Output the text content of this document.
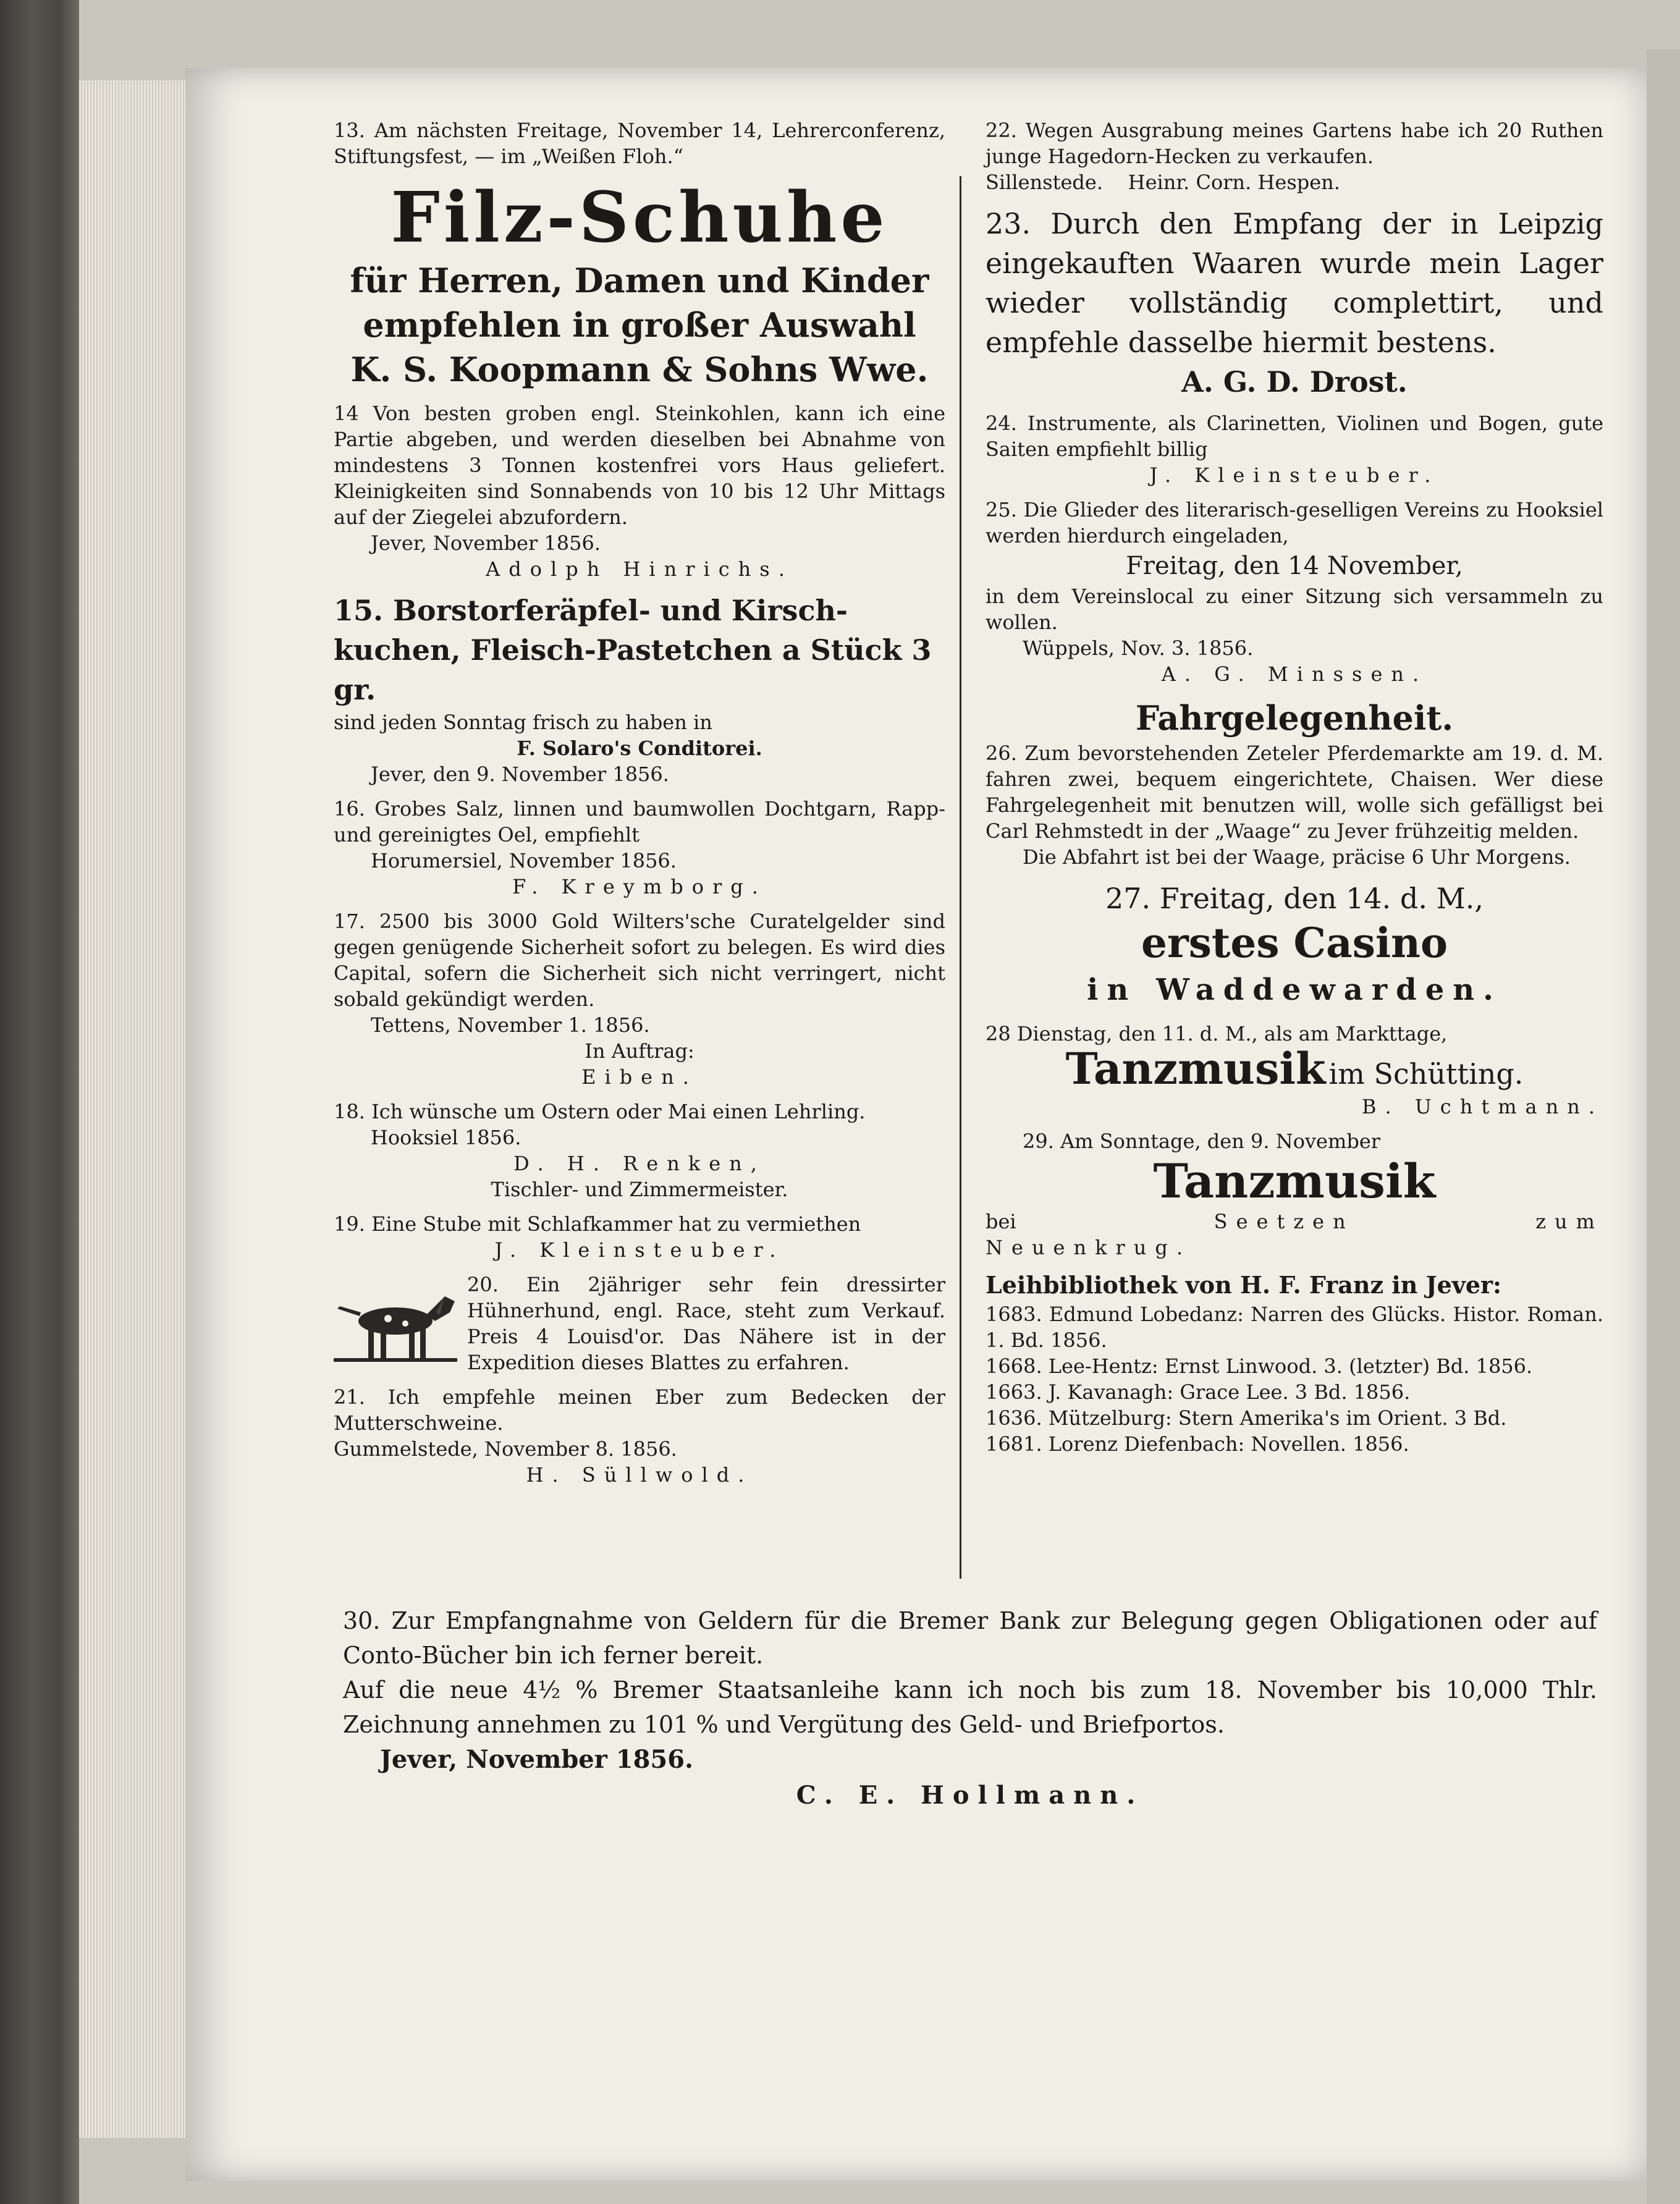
13. Am nächsten Freitage, November 14, Lehrerconferenz, Stiftungsfest, — im „Weißen Floh.“

Filz-Schuhe

für Herren, Damen und Kinder

empfehlen in großer Auswahl

K. S. Koopmann & Sohns Wwe.

14 Von besten groben engl. Steinkohlen, kann ich eine Partie abgeben, und werden dieselben bei Abnahme von mindestens 3 Tonnen kostenfrei vors Haus geliefert. Kleinigkeiten sind Sonnabends von 10 bis 12 Uhr Mittags auf der Ziegelei abzufordern.

Jever, November 1856.

Adolph Hinrichs.

15. Borstorferäpfel- und Kirsch-

kuchen, Fleisch-Pastetchen a Stück 3 gr.

sind jeden Sonntag frisch zu haben in

F. Solaro's Conditorei.

Jever, den 9. November 1856.

16. Grobes Salz, linnen und baumwollen Dochtgarn, Rapp- und gereinigtes Oel, empfiehlt

Horumersiel, November 1856.

F. Kreymborg.

17. 2500 bis 3000 Gold Wilters'sche Curatelgelder sind gegen genügende Sicherheit sofort zu belegen. Es wird dies Capital, sofern die Sicherheit sich nicht verringert, nicht sobald gekündigt werden.

Tettens, November 1. 1856.

In Auftrag:

Eiben.

18. Ich wünsche um Ostern oder Mai einen Lehrling.

Hooksiel 1856.

D. H. Renken,

Tischler- und Zimmermeister.

19. Eine Stube mit Schlafkammer hat zu vermiethen

J. Kleinsteuber.

20. Ein 2jähriger sehr fein dressirter Hühnerhund, engl. Race, steht zum Verkauf. Preis 4 Louisd'or. Das Nähere ist in der Expedition dieses Blattes zu erfahren.

21. Ich empfehle meinen Eber zum Bedecken der Mutterschweine.

Gummelstede, November 8. 1856.

H. Süllwold.

22. Wegen Ausgrabung meines Gartens habe ich 20 Ruthen junge Hagedorn-Hecken zu verkaufen.

Sillenstede. Heinr. Corn. Hespen.

23. Durch den Empfang der in Leipzig eingekauften Waaren wurde mein Lager wieder vollständig complettirt, und empfehle dasselbe hiermit bestens.

A. G. D. Drost.

24. Instrumente, als Clarinetten, Violinen und Bogen, gute Saiten empfiehlt billig

J. Kleinsteuber.

25. Die Glieder des literarisch-geselligen Vereins zu Hooksiel werden hierdurch eingeladen,

Freitag, den 14 November,

in dem Vereinslocal zu einer Sitzung sich versammeln zu wollen.

Wüppels, Nov. 3. 1856.

A. G. Minssen.

Fahrgelegenheit.

26. Zum bevorstehenden Zeteler Pferdemarkte am 19. d. M. fahren zwei, bequem eingerichtete, Chaisen. Wer diese Fahrgelegenheit mit benutzen will, wolle sich gefälligst bei Carl Rehmstedt in der „Waage“ zu Jever frühzeitig melden.

Die Abfahrt ist bei der Waage, präcise 6 Uhr Morgens.

27. Freitag, den 14. d. M.,

erstes Casino

in Waddewarden.

28 Dienstag, den 11. d. M., als am Markttage,

Tanzmusik im Schütting.

B. Uchtmann.

29. Am Sonntage, den 9. November

Tanzmusik

bei	Seetzen zum Neuenkrug.

Leihbibliothek von H. F. Franz in Jever:

1683. Edmund Lobedanz: Narren des Glücks. Histor. Roman. 1. Bd. 1856.

1668. Lee-Hentz: Ernst Linwood. 3. (letzter) Bd. 1856.

1663. J. Kavanagh: Grace Lee. 3 Bd. 1856.

1636. Mützelburg: Stern Amerika's im Orient. 3 Bd.

1681. Lorenz Diefenbach: Novellen. 1856.

30. Zur Empfangnahme von Geldern für die Bremer Bank zur Belegung gegen Obligationen oder auf Conto-Bücher bin ich ferner bereit.

Auf die neue 4½ % Bremer Staatsanleihe kann ich noch bis zum 18. November bis 10,000 Thlr. Zeichnung annehmen zu 101 % und Vergütung des Geld- und Briefportos.

Jever, November 1856.

C. E. Hollmann.
